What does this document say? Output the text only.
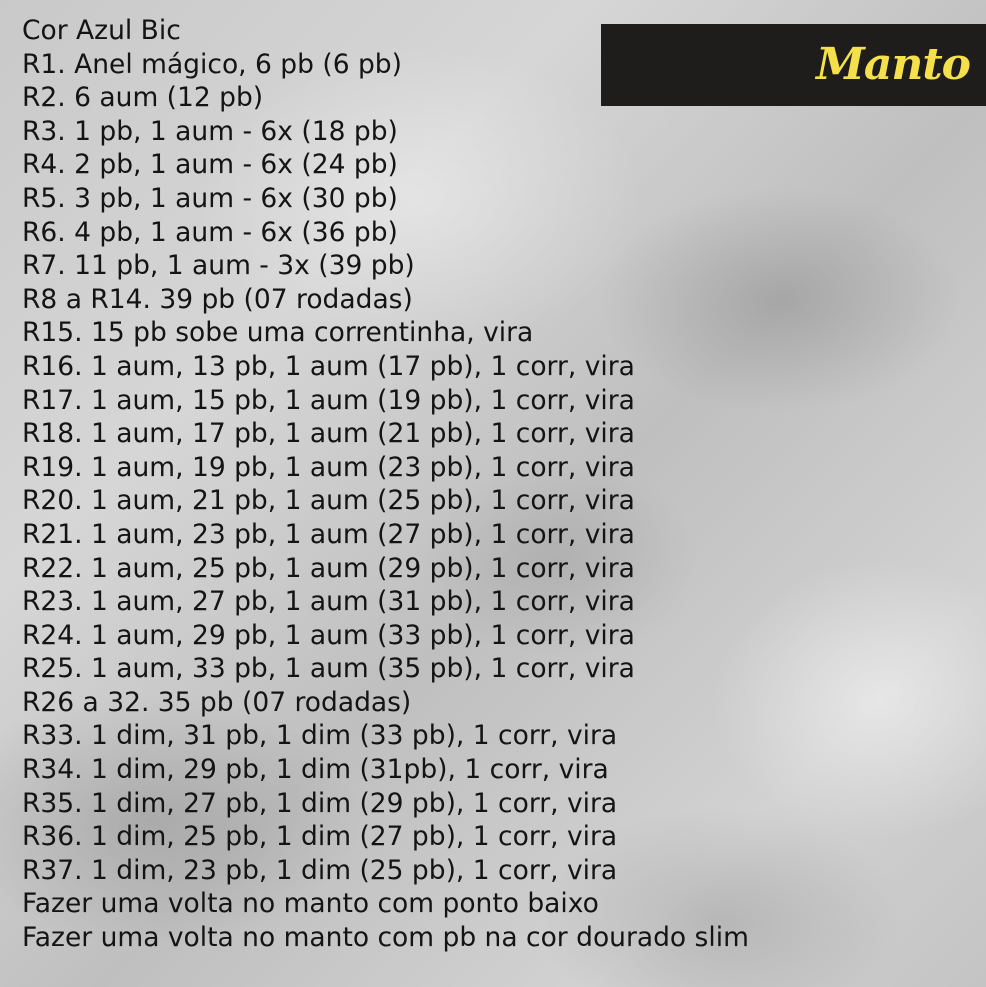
Manto
Cor Azul Bic
R1. Anel mágico, 6 pb (6 pb)
R2. 6 aum (12 pb)
R3. 1 pb, 1 aum - 6x (18 pb)
R4. 2 pb, 1 aum - 6x (24 pb)
R5. 3 pb, 1 aum - 6x (30 pb)
R6. 4 pb, 1 aum - 6x (36 pb)
R7. 11 pb, 1 aum - 3x (39 pb)
R8 a R14. 39 pb (07 rodadas)
R15. 15 pb sobe uma correntinha, vira
R16. 1 aum, 13 pb, 1 aum (17 pb), 1 corr, vira
R17. 1 aum, 15 pb, 1 aum (19 pb), 1 corr, vira
R18. 1 aum, 17 pb, 1 aum (21 pb), 1 corr, vira
R19. 1 aum, 19 pb, 1 aum (23 pb), 1 corr, vira
R20. 1 aum, 21 pb, 1 aum (25 pb), 1 corr, vira
R21. 1 aum, 23 pb, 1 aum (27 pb), 1 corr, vira
R22. 1 aum, 25 pb, 1 aum (29 pb), 1 corr, vira
R23. 1 aum, 27 pb, 1 aum (31 pb), 1 corr, vira
R24. 1 aum, 29 pb, 1 aum (33 pb), 1 corr, vira
R25. 1 aum, 33 pb, 1 aum (35 pb), 1 corr, vira
R26 a 32. 35 pb (07 rodadas)
R33. 1 dim, 31 pb, 1 dim (33 pb), 1 corr, vira
R34. 1 dim, 29 pb, 1 dim (31pb), 1 corr, vira
R35. 1 dim, 27 pb, 1 dim (29 pb), 1 corr, vira
R36. 1 dim, 25 pb, 1 dim (27 pb), 1 corr, vira
R37. 1 dim, 23 pb, 1 dim (25 pb), 1 corr, vira
Fazer uma volta no manto com ponto baixo
Fazer uma volta no manto com pb na cor dourado slim
